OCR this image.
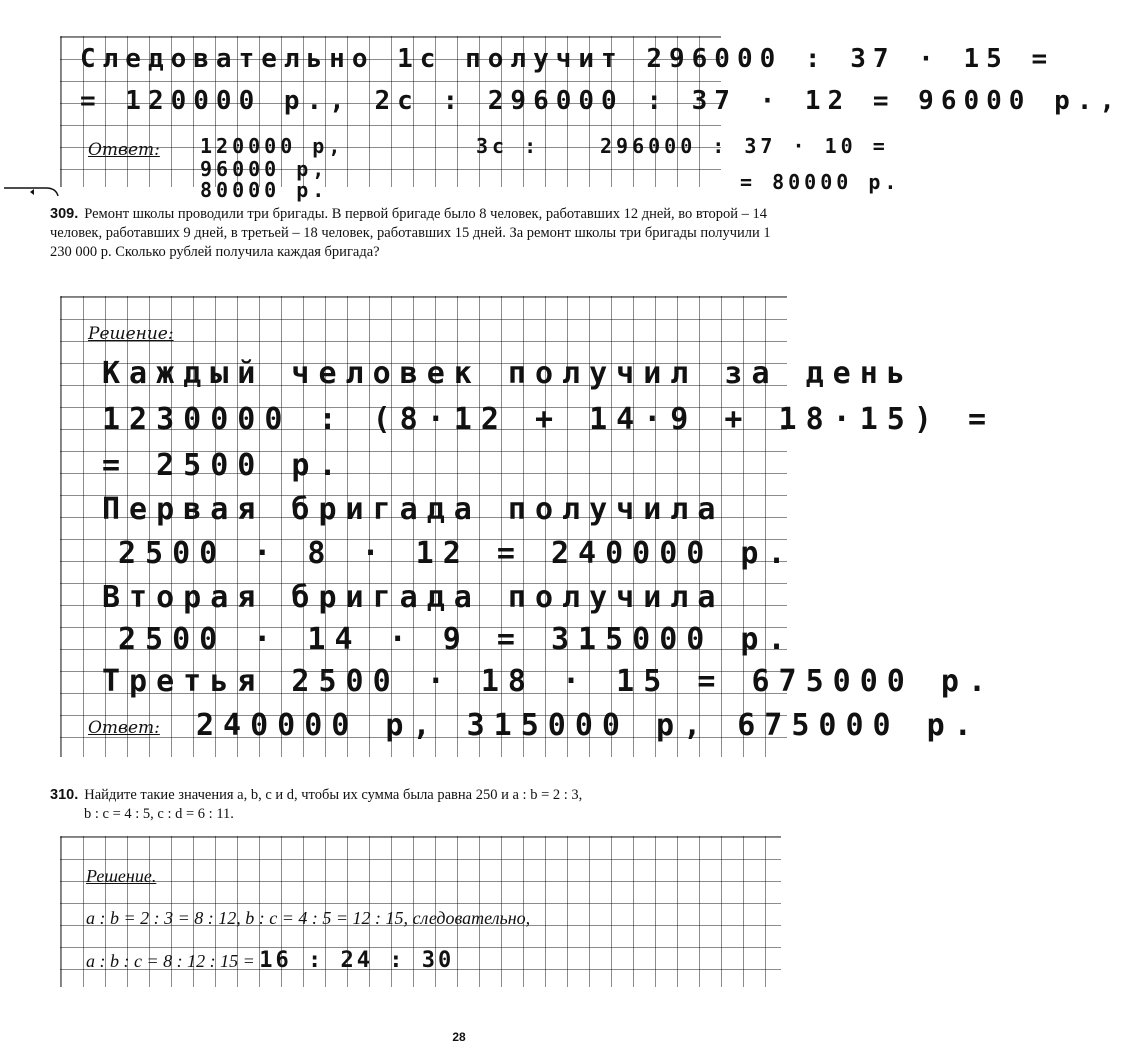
Следовательно 1с получит 296000 : 37 · 15 =
= 120000 р., 2с : 296000 : 37 · 12 = 96000 р.,
Ответ: 120000 р,	3с :	296000 : 37 · 10 =
96000 р,
80000 р.	= 80000 р.
309. Ремонт школы проводили три бригады. В первой бригаде было 8 человек, работавших 12 дней, во второй – 14 человек, работавших 9 дней, в третьей – 18 человек, работавших 15 дней. За ремонт школы три бригады получили 1 230 000 р. Сколько рублей получила каждая бригада?
Решение:
Каждый человек получил за день
1230000 : (8·12 + 14·9 + 18·15) =
= 2500 р.
Первая бригада получила
2500 · 8 · 12 = 240000 р.
Вторая бригада получила
2500 · 14 · 9 = 315000 р.
Третья 2500 · 18 · 15 = 675000 р.
Ответ: 240000 р, 315000 р, 675000 р.
310. Найдите такие значения a, b, c и d, чтобы их сумма была равна 250 и a : b = 2 : 3,
b : c = 4 : 5, c : d = 6 : 11.
Решение.
a : b = 2 : 3 = 8 : 12, b : c = 4 : 5 = 12 : 15, следовательно,
a : b : c = 8 : 12 : 15 = 16 : 24 : 30
28
